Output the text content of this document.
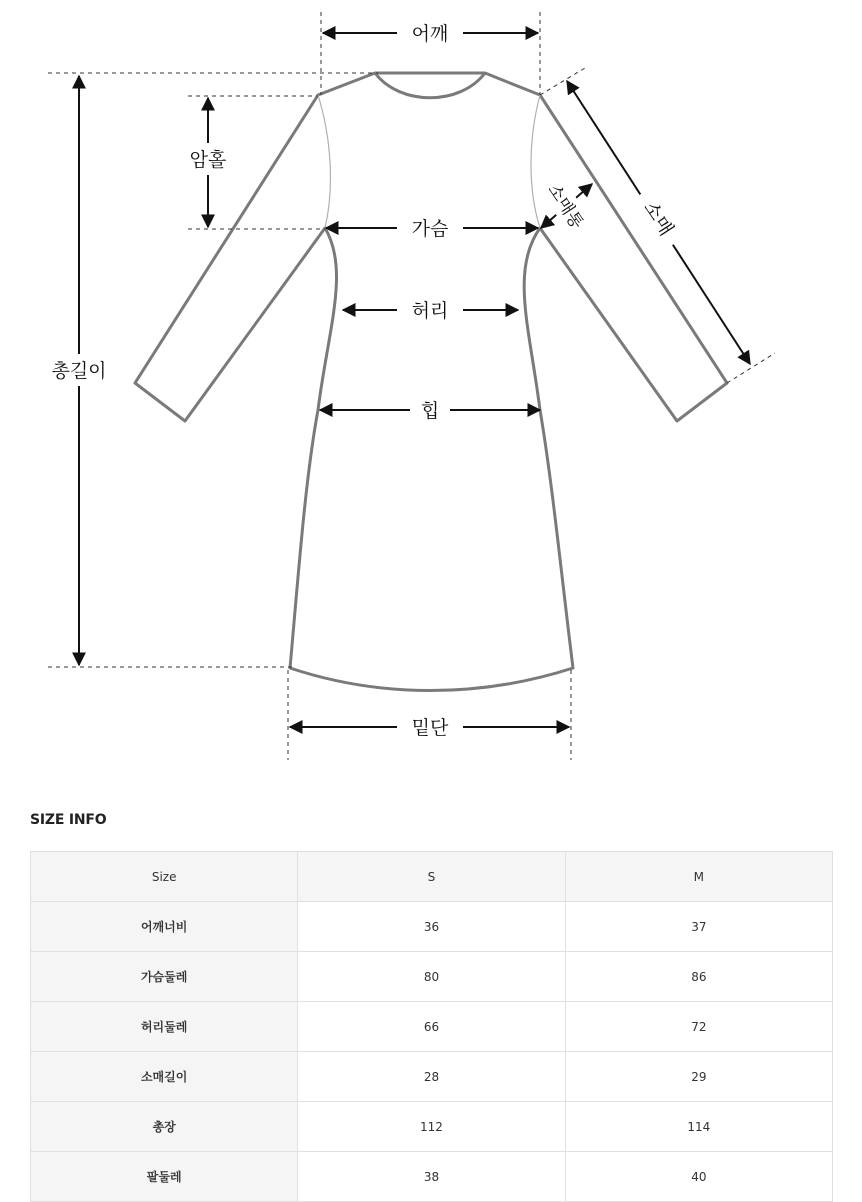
어깨
암홀
가슴
허리
힙
밑단
총길이
소매
소매통
SIZE INFO
Size	S	M
어깨너비	36	37
가슴둘레	80	86
허리둘레	66	72
소매길이	28	29
총장	112	114
팔둘레	38	40
